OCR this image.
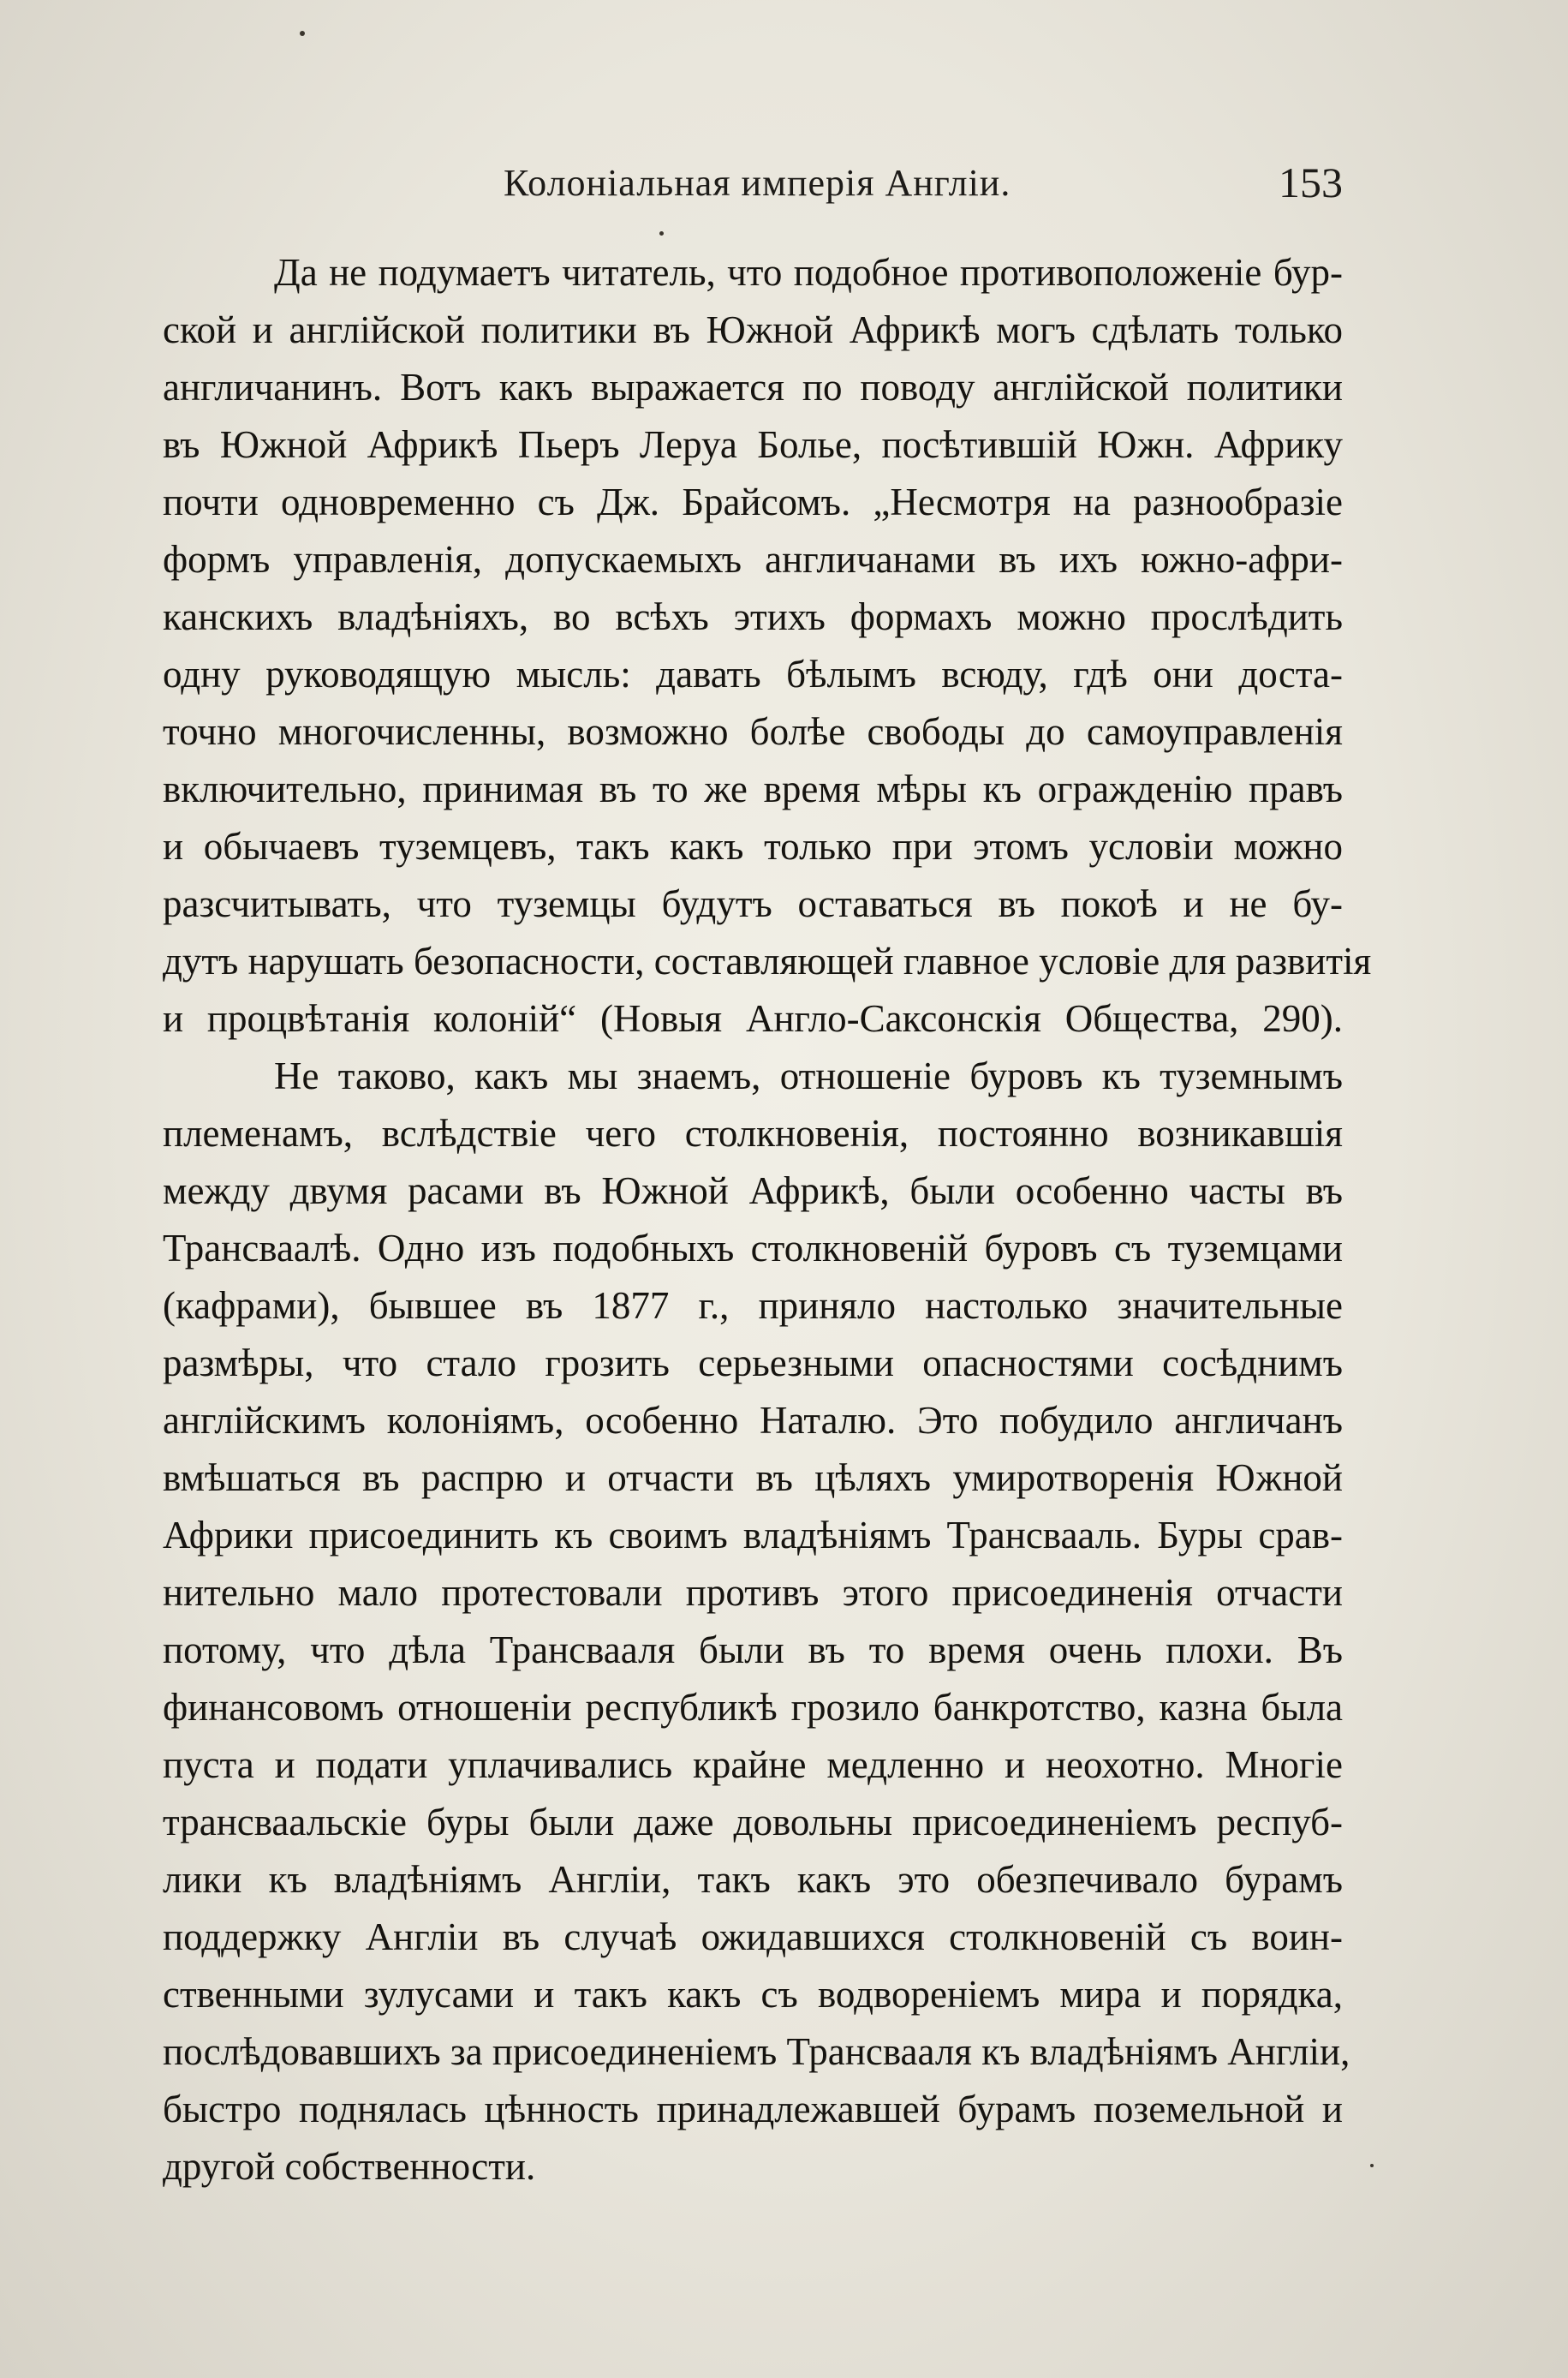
Колоніальная имперія Англіи.	153
Да не подумаетъ читатель, что подобное противоположеніе бур-
ской и англійской политики въ Южной Африкѣ могъ сдѣлать только
англичанинъ. Вотъ какъ выражается по поводу англійской политики
въ Южной Африкѣ Пьеръ Леруа Больe, посѣтившій Южн. Африку
почти одновременно съ Дж. Брайсомъ. „Несмотря на разнообразіе
формъ управленія, допускаемыхъ англичанами въ ихъ южно-афри-
канскихъ владѣніяхъ, во всѣхъ этихъ формахъ можно прослѣдить
одну руководящую мысль: давать бѣлымъ всюду, гдѣ они доста-
точно многочисленны, возможно болѣе свободы до самоуправленія
включительно, принимая въ то же время мѣры къ огражденію правъ
и обычаевъ туземцевъ, такъ какъ только при этомъ условіи можно
разсчитывать, что туземцы будутъ оставаться въ покоѣ и не бу-
дутъ нарушать безопасности, составляющей главное условіе для развитія
и процвѣтанія колоній“ (Новыя Англо-Саксонскія Общества, 290).
Не таково, какъ мы знаемъ, отношеніе буровъ къ туземнымъ
племенамъ, вслѣдствіе чего столкновенія, постоянно возникавшія
между двумя расами въ Южной Африкѣ, были особенно часты въ
Трансваалѣ. Одно изъ подобныхъ столкновеній буровъ съ туземцами
(кафрами), бывшее въ 1877 г., приняло настолько значительные
размѣры, что стало грозить серьезными опасностями сосѣднимъ
англійскимъ колоніямъ, особенно Наталю. Это побудило англичанъ
вмѣшаться въ распрю и отчасти въ цѣляхъ умиротворенія Южной
Африки присоединить къ своимъ владѣніямъ Трансвааль. Буры срав-
нительно мало протестовали противъ этого присоединенія отчасти
потому, что дѣла Трансвааля были въ то время очень плохи. Въ
финансовомъ отношеніи республикѣ грозило банкротство, казна была
пуста и подати уплачивались крайне медленно и неохотно. Многіе
трансваальскіе буры были даже довольны присоединеніемъ респуб-
лики къ владѣніямъ Англіи, такъ какъ это обезпечивало бурамъ
поддержку Англіи въ случаѣ ожидавшихся столкновеній съ воин-
ственными зулусами и такъ какъ съ водвореніемъ мира и порядка,
послѣдовавшихъ за присоединеніемъ Трансвааля къ владѣніямъ Англіи,
быстро поднялась цѣнность принадлежавшей бурамъ поземельной и
другой собственности.
